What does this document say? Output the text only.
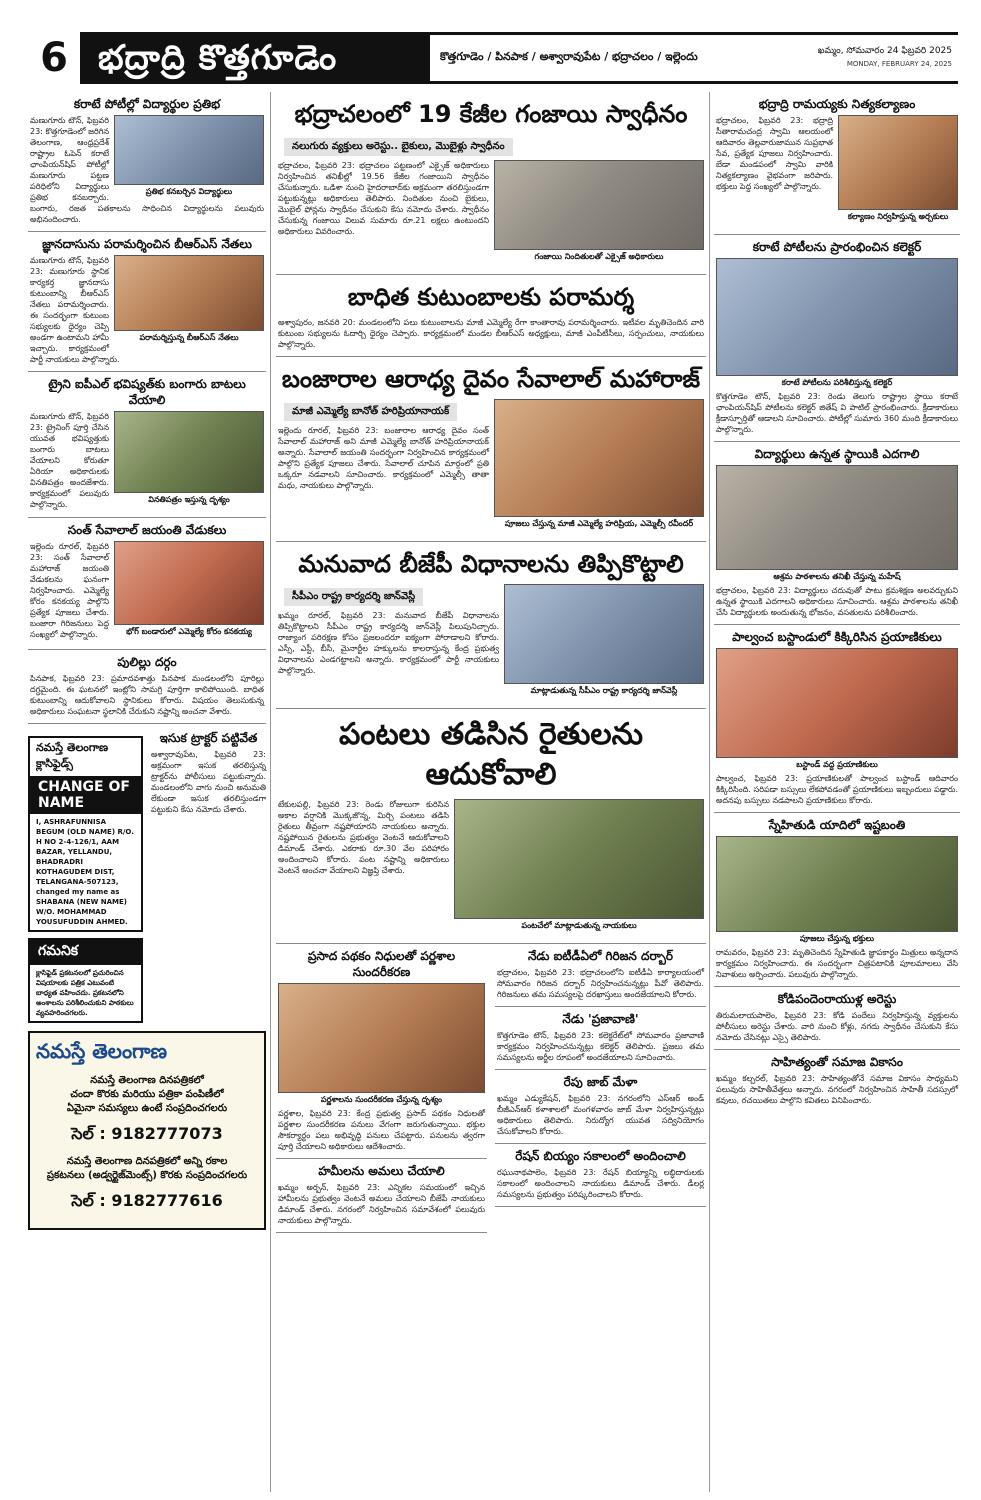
6 భద్రాద్రి కొత్తగూడెం	కొత్తగూడెం / పినపాక / అశ్వారావుపేట / భద్రాచలం / ఇల్లెందు	ఖమ్మం, సోమవారం 24 ఫిబ్రవరి 2025
MONDAY, FEBRUARY 24, 2025
కరాటే పోటీల్లో విద్యార్థుల ప్రతిభ
ప్రతిభ కనబర్చిన విద్యార్థులు
మణుగూరు టౌన్, ఫిబ్రవరి 23: కొత్తగూడెంలో జరిగిన తెలంగాణ, ఆంధ్రప్రదేశ్ రాష్ట్రాల ఓపెన్ కరాటే ఛాంపియన్‌షిప్ పోటీల్లో మణుగూరు పట్టణ పరిధిలోని విద్యార్థులు ప్రతిభ కనబర్చారు. బంగారు, రజత పతకాలను సాధించిన విద్యార్థులను పలువురు అభినందించారు.
జ్ఞానదాసును పరామర్శించిన బీఆర్ఎస్ నేతలు
పరామర్శిస్తున్న బీఆర్ఎస్ నేతలు
మణుగూరు టౌన్, ఫిబ్రవరి 23: మణుగూరు స్థానిక కార్యకర్త జ్ఞానదాసు కుటుంబాన్ని బీఆర్ఎస్ నేతలు పరామర్శించారు. ఈ సందర్భంగా కుటుంబ సభ్యులకు ధైర్యం చెప్పి అండగా ఉంటామని హామీ ఇచ్చారు. కార్యక్రమంలో పార్టీ నాయకులు పాల్గొన్నారు.
ట్రైని ఐపీఎల్ భవిష్యత్‌కు బంగారు బాటలు వేయాలి
వినతిపత్రం ఇస్తున్న దృశ్యం
మణుగూరు టౌన్, ఫిబ్రవరి 23: ట్రైనింగ్ పూర్తి చేసిన యువత భవిష్యత్తుకు బంగారు బాటలు వేయాలని కోరుతూ ఏరియా అధికారులకు వినతిపత్రం అందజేశారు. కార్యక్రమంలో పలువురు పాల్గొన్నారు.
సంత్ సేవాలాల్ జయంతి వేడుకలు
భోగ్ బండారులో ఎమ్మెల్యే కోరం కనకయ్య
ఇల్లెందు రూరల్, ఫిబ్రవరి 23: సంత్ సేవాలాల్ మహారాజ్ జయంతి వేడుకలను ఘనంగా నిర్వహించారు. ఎమ్మెల్యే కోరం కనకయ్య పాల్గొని ప్రత్యేక పూజలు చేశారు. బంజారా గిరిజనులు పెద్ద సంఖ్యలో పాల్గొన్నారు.
పులిల్లు దర్గం
పినపాక, ఫిబ్రవరి 23: ప్రమాదవశాత్తు పినపాక మండలంలోని పూరిల్లు దగ్ధమైంది. ఈ ఘటనలో ఇంట్లోని సామగ్రి పూర్తిగా కాలిపోయింది. బాధిత కుటుంబాన్ని ఆదుకోవాలని స్థానికులు కోరారు. విషయం తెలుసుకున్న అధికారులు సంఘటనా స్థలానికి చేరుకుని నష్టాన్ని అంచనా వేశారు.
నమస్తే తెలంగాణ క్లాసిఫైడ్స్
CHANGE OF NAME
I, ASHRAFUNNISA BEGUM (OLD NAME) R/O. H NO 2-4-126/1, AAM BAZAR, YELLANDU, BHADRADRI KOTHAGUDEM DIST, TELANGANA-507123, changed my name as SHABANA (NEW NAME) W/O. MOHAMMAD YOUSUFUDDIN AHMED.
గమనిక
క్లాసిఫైడ్ ప్రకటనలలో ప్రచురించిన విషయాలకు పత్రిక ఎటువంటి బాధ్యత వహించదు. ప్రకటనలోని అంశాలను పరిశీలించుకుని పాఠకులు వ్యవహరించగలరు.
ఇసుక ట్రాక్టర్ పట్టివేత
అశ్వారావుపేట, ఫిబ్రవరి 23: అక్రమంగా ఇసుక తరలిస్తున్న ట్రాక్టర్‌ను పోలీసులు పట్టుకున్నారు. మండలంలోని వాగు నుంచి అనుమతి లేకుండా ఇసుక తరలిస్తుండగా పట్టుకుని కేసు నమోదు చేశారు.
నమస్తే తెలంగాణ
నమస్తే తెలంగాణ దినపత్రికలో
చందా కొరకు మరియు పత్రికా పంపిణీలో
ఏమైనా సమస్యలు ఉంటే సంప్రదించగలరు
సెల్ : 9182777073
నమస్తే తెలంగాణ దినపత్రికలో అన్ని రకాల
ప్రకటనలు (అడ్వర్టైజ్‌మెంట్స్) కొరకు సంప్రదించగలరు
సెల్ : 9182777616
భద్రాచలంలో 19 కేజీల గంజాయి స్వాధీనం
నలుగురు వ్యక్తులు అరెస్టు.. బైకులు, మొబైళ్లు స్వాధీనం
గంజాయి నిందితులతో ఎక్సైజ్ అధికారులు
భద్రాచలం, ఫిబ్రవరి 23: భద్రాచలం పట్టణంలో ఎక్సైజ్ అధికారులు నిర్వహించిన తనిఖీల్లో 19.56 కేజీల గంజాయిని స్వాధీనం చేసుకున్నారు. ఒడిశా నుంచి హైదరాబాద్‌కు అక్రమంగా తరలిస్తుండగా పట్టుకున్నట్లు అధికారులు తెలిపారు. నిందితుల నుంచి బైకులు, మొబైల్ ఫోన్లను స్వాధీనం చేసుకుని కేసు నమోదు చేశారు. స్వాధీనం చేసుకున్న గంజాయి విలువ సుమారు రూ.21 లక్షలు ఉంటుందని అధికారులు వివరించారు.
బాధిత కుటుంబాలకు పరామర్శ
అశ్వాపురం, జనవరి 20: మండలంలోని పలు కుటుంబాలను మాజీ ఎమ్మెల్యే రేగా కాంతారావు పరామర్శించారు. ఇటీవల మృతిచెందిన వారి కుటుంబ సభ్యులను ఓదార్చి ధైర్యం చెప్పారు. కార్యక్రమంలో మండల బీఆర్ఎస్ అధ్యక్షులు, మాజీ ఎంపీటీసీలు, సర్పంచులు, నాయకులు పాల్గొన్నారు.
బంజారాల ఆరాధ్య దైవం సేవాలాల్ మహారాజ్
మాజీ ఎమ్మెల్యే బానోత్ హరిప్రియానాయక్
పూజలు చేస్తున్న మాజీ ఎమ్మెల్యే హరిప్రియ, ఎమ్మెల్సీ రవీందర్
ఇల్లెందు రూరల్, ఫిబ్రవరి 23: బంజారాల ఆరాధ్య దైవం సంత్ సేవాలాల్ మహారాజ్ అని మాజీ ఎమ్మెల్యే బానోత్ హరిప్రియానాయక్ అన్నారు. సేవాలాల్ జయంతి సందర్భంగా నిర్వహించిన కార్యక్రమంలో పాల్గొని ప్రత్యేక పూజలు చేశారు. సేవాలాల్ చూపిన మార్గంలో ప్రతి ఒక్కరూ నడవాలని సూచించారు. కార్యక్రమంలో ఎమ్మెల్సీ తాతా మధు, నాయకులు పాల్గొన్నారు.
మనువాద బీజేపీ విధానాలను తిప్పికొట్టాలి
సీపీఎం రాష్ట్ర కార్యదర్శి జాన్‌వెస్లీ
మాట్లాడుతున్న సీపీఎం రాష్ట్ర కార్యదర్శి జాన్‌వెస్లీ
ఖమ్మం రూరల్, ఫిబ్రవరి 23: మనువాద బీజేపీ విధానాలను తిప్పికొట్టాలని సీపీఎం రాష్ట్ర కార్యదర్శి జాన్‌వెస్లీ పిలుపునిచ్చారు. రాజ్యాంగ పరిరక్షణ కోసం ప్రజలందరూ ఐక్యంగా పోరాడాలని కోరారు. ఎస్సీ, ఎస్టీ, బీసీ, మైనార్టీల హక్కులను కాలరాస్తున్న కేంద్ర ప్రభుత్వ విధానాలను ఎండగట్టాలని అన్నారు. కార్యక్రమంలో పార్టీ నాయకులు పాల్గొన్నారు.
పంటలు తడిసిన రైతులను ఆదుకోవాలి
పంటచేలో మాట్లాడుతున్న నాయకులు
టేకులపల్లి, ఫిబ్రవరి 23: రెండు రోజులుగా కురిసిన అకాల వర్షానికి మొక్కజొన్న, మిర్చి పంటలు తడిసి రైతులు తీవ్రంగా నష్టపోయారని నాయకులు అన్నారు. నష్టపోయిన రైతులను ప్రభుత్వం వెంటనే ఆదుకోవాలని డిమాండ్ చేశారు. ఎకరాకు రూ.30 వేల పరిహారం అందించాలని కోరారు. పంట నష్టాన్ని అధికారులు వెంటనే అంచనా వేయాలని విజ్ఞప్తి చేశారు.
ప్రసాద పథకం నిధులతో పర్ణశాల సుందరీకరణ
పర్ణశాలను సుందరీకరణ చేస్తున్న దృశ్యం
పర్ణశాల, ఫిబ్రవరి 23: కేంద్ర ప్రభుత్వ ప్రసాద్ పథకం నిధులతో పర్ణశాల సుందరీకరణ పనులు వేగంగా జరుగుతున్నాయి. భక్తుల సౌకర్యార్థం పలు అభివృద్ధి పనులు చేపట్టారు. పనులను త్వరగా పూర్తి చేయాలని అధికారులు ఆదేశించారు.
హమీలను అమలు చేయాలి
ఖమ్మం అర్బన్, ఫిబ్రవరి 23: ఎన్నికల సమయంలో ఇచ్చిన హామీలను ప్రభుత్వం వెంటనే అమలు చేయాలని బీజేపీ నాయకులు డిమాండ్ చేశారు. నగరంలో నిర్వహించిన సమావేశంలో పలువురు నాయకులు పాల్గొన్నారు.
నేడు ఐటీడీఏలో గిరిజన దర్బార్
భద్రాచలం, ఫిబ్రవరి 23: భద్రాచలంలోని ఐటీడీఏ కార్యాలయంలో సోమవారం గిరిజన దర్బార్ నిర్వహించనున్నట్లు పీవో తెలిపారు. గిరిజనులు తమ సమస్యలపై దరఖాస్తులు అందజేయాలని కోరారు.
నేడు 'ప్రజావాణి'
కొత్తగూడెం టౌన్, ఫిబ్రవరి 23: కలెక్టరేట్‌లో సోమవారం ప్రజావాణి కార్యక్రమం నిర్వహించనున్నట్లు కలెక్టర్ తెలిపారు. ప్రజలు తమ సమస్యలను అర్జీల రూపంలో అందజేయాలని సూచించారు.
రేపు జాబ్ మేళా
ఖమ్మం ఎడ్యుకేషన్, ఫిబ్రవరి 23: నగరంలోని ఎస్ఆర్ అండ్ బీజీఎన్ఆర్ కళాశాలలో మంగళవారం జాబ్ మేళా నిర్వహిస్తున్నట్లు అధికారులు తెలిపారు. నిరుద్యోగ యువత సద్వినియోగం చేసుకోవాలని కోరారు.
రేషన్ బియ్యం సకాలంలో అందించాలి
రఘునాథపాలెం, ఫిబ్రవరి 23: రేషన్ బియ్యాన్ని లబ్ధిదారులకు సకాలంలో అందించాలని నాయకులు డిమాండ్ చేశారు. డీలర్ల సమస్యలను ప్రభుత్వం పరిష్కరించాలని కోరారు.
భద్రాద్రి రామయ్యకు నిత్యకల్యాణం
కల్యాణం నిర్వహిస్తున్న అర్చకులు
భద్రాచలం, ఫిబ్రవరి 23: భద్రాద్రి సీతారామచంద్ర స్వామి ఆలయంలో ఆదివారం తెల్లవారుజామున సుప్రభాత సేవ, ప్రత్యేక పూజలు నిర్వహించారు. బేడా మండపంలో స్వామి వారికి నిత్యకల్యాణం వైభవంగా జరిపారు. భక్తులు పెద్ద సంఖ్యలో పాల్గొన్నారు.
కరాటే పోటీలను ప్రారంభించిన కలెక్టర్
కరాటే పోటీలను పరిశీలిస్తున్న కలెక్టర్
కొత్తగూడెం టౌన్, ఫిబ్రవరి 23: రెండు తెలుగు రాష్ట్రాల స్థాయి కరాటే ఛాంపియన్‌షిప్ పోటీలను కలెక్టర్ జితేష్ వి పాటిల్ ప్రారంభించారు. క్రీడాకారులు క్రీడాస్ఫూర్తితో ఆడాలని సూచించారు. పోటీల్లో సుమారు 360 మంది క్రీడాకారులు పాల్గొన్నారు.
విద్యార్థులు ఉన్నత స్థాయికి ఎదగాలి
ఆశ్రమ పాఠశాలను తనిఖీ చేస్తున్న మహేష్
భద్రాచలం, ఫిబ్రవరి 23: విద్యార్థులు చదువుతో పాటు క్రమశిక్షణ అలవర్చుకుని ఉన్నత స్థాయికి ఎదగాలని అధికారులు సూచించారు. ఆశ్రమ పాఠశాలను తనిఖీ చేసి విద్యార్థులకు అందుతున్న భోజనం, వసతులను పరిశీలించారు.
పాల్వంచ బస్టాండులో కిక్కిరిసిన ప్రయాణికులు
బస్టాండ్ వద్ద ప్రయాణికులు
పాల్వంచ, ఫిబ్రవరి 23: ప్రయాణికులతో పాల్వంచ బస్టాండ్ ఆదివారం కిక్కిరిసింది. సరిపడా బస్సులు లేకపోవడంతో ప్రయాణికులు ఇబ్బందులు పడ్డారు. అదనపు బస్సులు నడపాలని ప్రయాణికులు కోరారు.
స్నేహితుడి యాదిలో ఇష్టబంతి
పూజలు చేస్తున్న భక్తులు
రామవరం, ఫిబ్రవరి 23: మృతిచెందిన స్నేహితుడి జ్ఞాపకార్థం మిత్రులు అన్నదాన కార్యక్రమం నిర్వహించారు. ఈ సందర్భంగా చిత్రపటానికి పూలమాలలు వేసి నివాళులు అర్పించారు. పలువురు పాల్గొన్నారు.
కోడిపందెంరాయుళ్ల అరెస్టు
తిరుమలాయపాలెం, ఫిబ్రవరి 23: కోడి పందేలు నిర్వహిస్తున్న వ్యక్తులను పోలీసులు అరెస్టు చేశారు. వారి నుంచి కోళ్లు, నగదు స్వాధీనం చేసుకుని కేసు నమోదు చేసినట్లు ఎస్సై తెలిపారు.
సాహిత్యంతో సమాజ వికాసం
ఖమ్మం కల్చరల్, ఫిబ్రవరి 23: సాహిత్యంతోనే సమాజ వికాసం సాధ్యమని పలువురు సాహితీవేత్తలు అన్నారు. నగరంలో నిర్వహించిన సాహితీ సదస్సులో కవులు, రచయితలు పాల్గొని కవితలు వినిపించారు.
